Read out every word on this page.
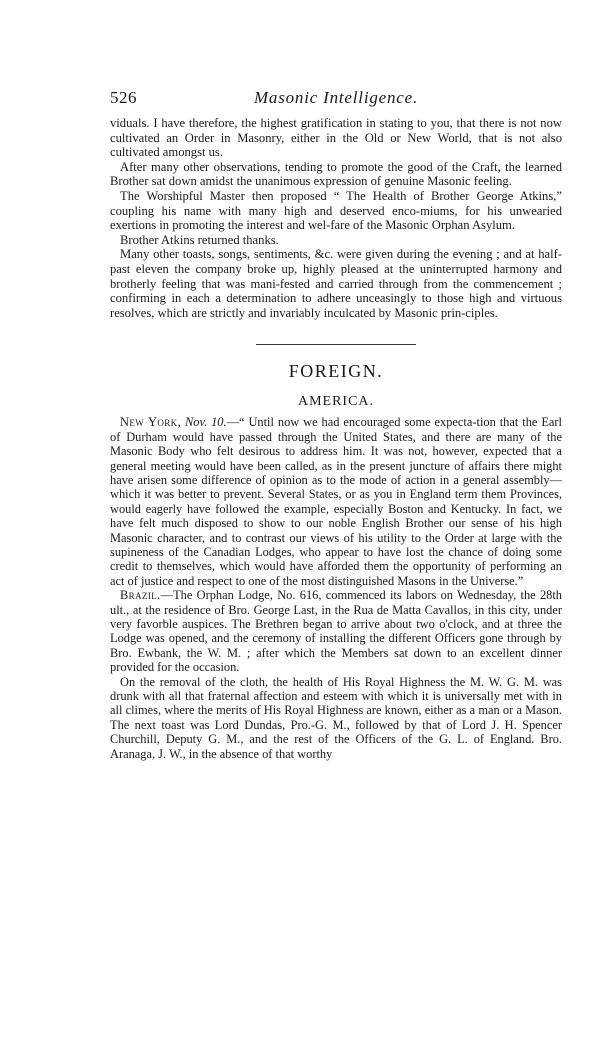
526	Masonic Intelligence.

viduals. I have therefore, the highest gratification in stating to you, that there is not now cultivated an Order in Masonry, either in the Old or New World, that is not also cultivated amongst us.

After many other observations, tending to promote the good of the Craft, the learned Brother sat down amidst the unanimous expression of genuine Masonic feeling.

The Worshipful Master then proposed “ The Health of Brother George Atkins,” coupling his name with many high and deserved enco-miums, for his unwearied exertions in promoting the interest and wel-fare of the Masonic Orphan Asylum.

Brother Atkins returned thanks.

Many other toasts, songs, sentiments, &c. were given during the evening ; and at half-past eleven the company broke up, highly pleased at the uninterrupted harmony and brotherly feeling that was mani-fested and carried through from the commencement ; confirming in each a determination to adhere unceasingly to those high and virtuous resolves, which are strictly and invariably inculcated by Masonic prin-ciples.

FOREIGN.
AMERICA.

New York, Nov. 10.—“ Until now we had encouraged some expecta-tion that the Earl of Durham would have passed through the United States, and there are many of the Masonic Body who felt desirous to address him. It was not, however, expected that a general meeting would have been called, as in the present juncture of affairs there might have arisen some difference of opinion as to the mode of action in a general assembly—which it was better to prevent. Several States, or as you in England term them Provinces, would eagerly have followed the example, especially Boston and Kentucky. In fact, we have felt much disposed to show to our noble English Brother our sense of his high Masonic character, and to contrast our views of his utility to the Order at large with the supineness of the Canadian Lodges, who appear to have lost the chance of doing some credit to themselves, which would have afforded them the opportunity of performing an act of justice and respect to one of the most distinguished Masons in the Universe.”

Brazil.—The Orphan Lodge, No. 616, commenced its labors on Wednesday, the 28th ult., at the residence of Bro. George Last, in the Rua de Matta Cavallos, in this city, under very favorble auspices. The Brethren began to arrive about two o'clock, and at three the Lodge was opened, and the ceremony of installing the different Officers gone through by Bro. Ewbank, the W. M. ; after which the Members sat down to an excellent dinner provided for the occasion.

On the removal of the cloth, the health of His Royal Highness the M. W. G. M. was drunk with all that fraternal affection and esteem with which it is universally met with in all climes, where the merits of His Royal Highness are known, either as a man or a Mason. The next toast was Lord Dundas, Pro.-G. M., followed by that of Lord J. H. Spencer Churchill, Deputy G. M., and the rest of the Officers of the G. L. of England. Bro. Aranaga, J. W., in the absence of that worthy
